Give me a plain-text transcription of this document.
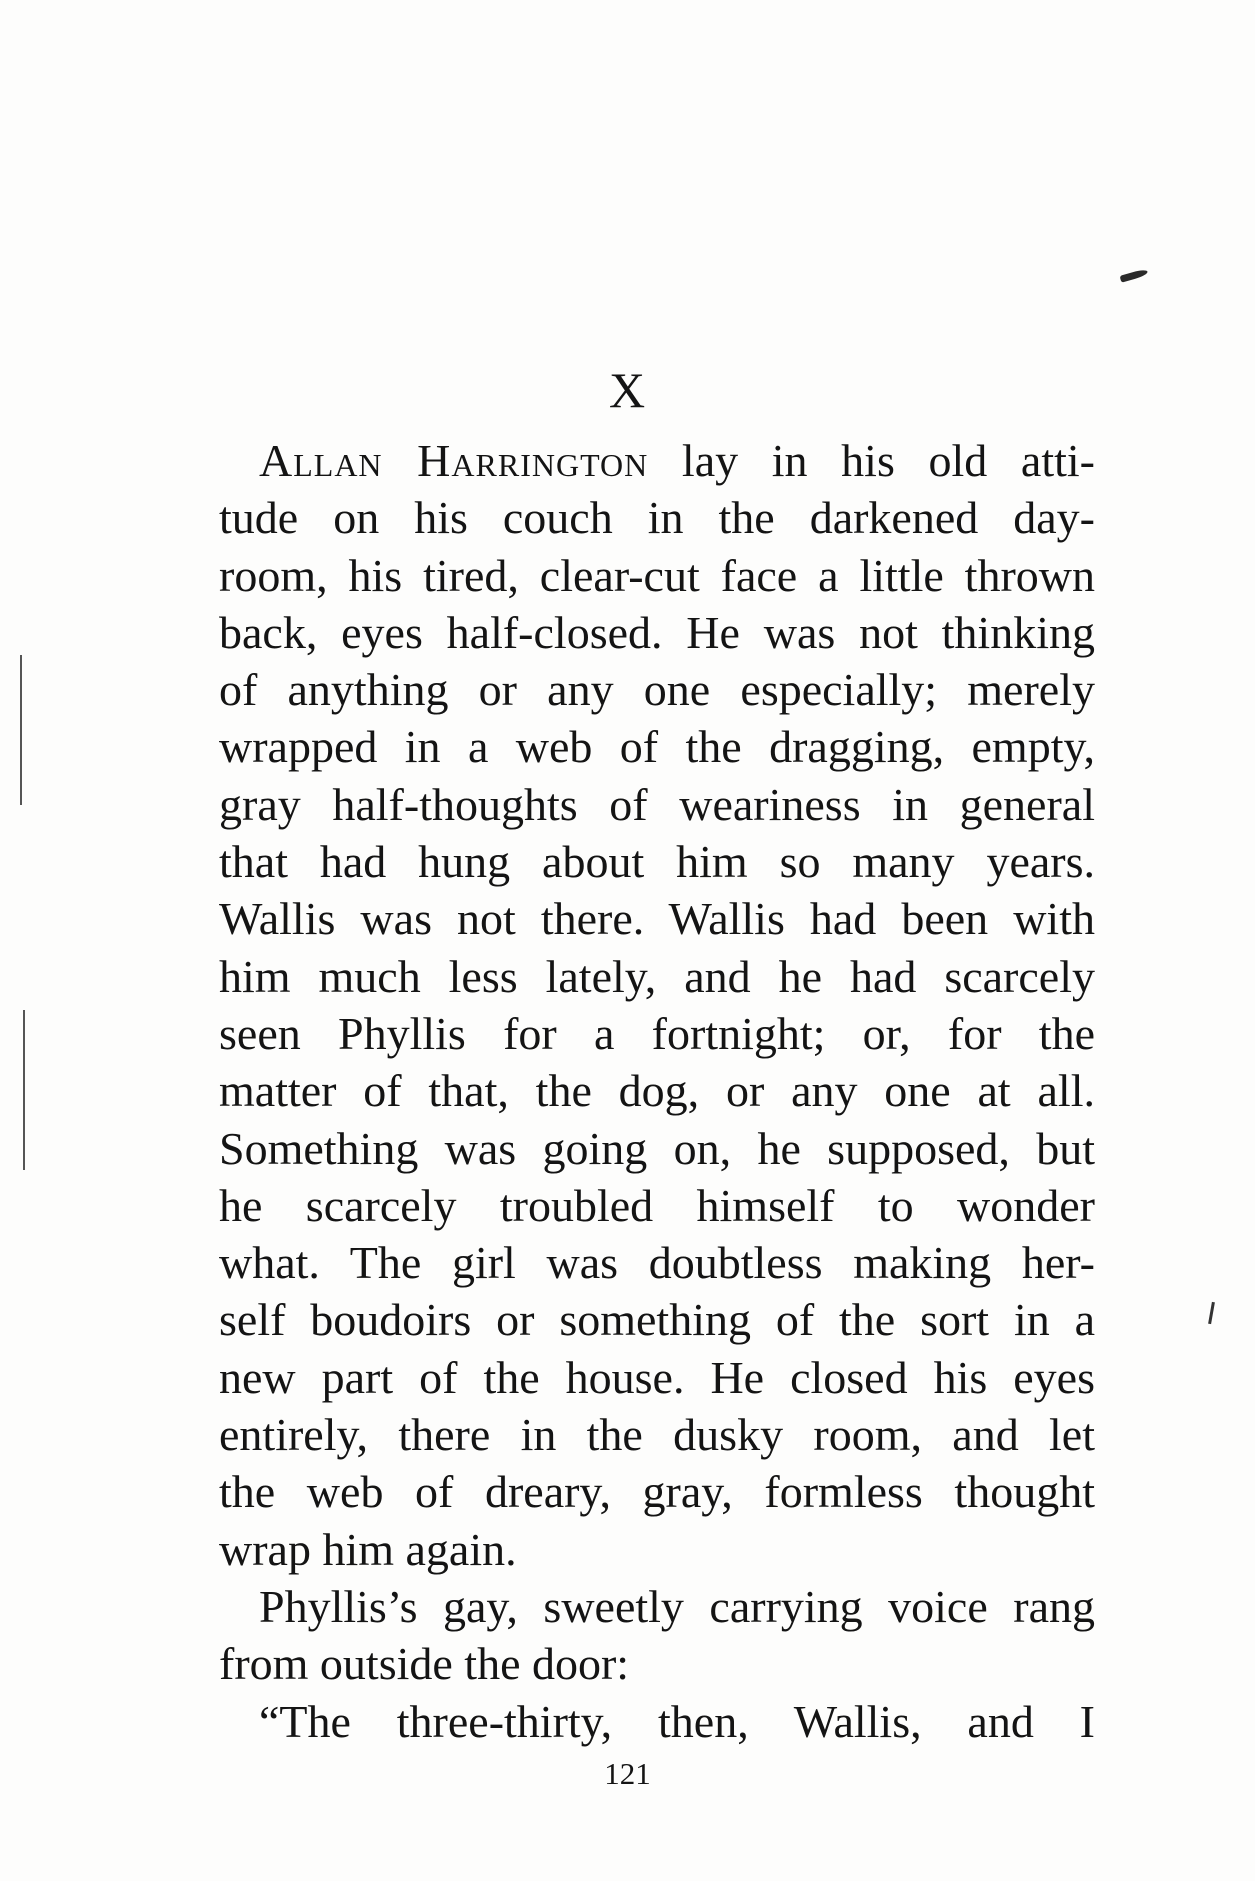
X
Allan Harrington lay in his old atti-
tude on his couch in the darkened day-
room, his tired, clear-cut face a little thrown
back, eyes half-closed. He was not thinking
of anything or any one especially; merely
wrapped in a web of the dragging, empty,
gray half-thoughts of weariness in general
that had hung about him so many years.
Wallis was not there. Wallis had been with
him much less lately, and he had scarcely
seen Phyllis for a fortnight; or, for the
matter of that, the dog, or any one at all.
Something was going on, he supposed, but
he scarcely troubled himself to wonder
what. The girl was doubtless making her-
self boudoirs or something of the sort in a
new part of the house. He closed his eyes
entirely, there in the dusky room, and let
the web of dreary, gray, formless thought
wrap him again.
Phyllis’s gay, sweetly carrying voice rang
from outside the door:
“The three-thirty, then, Wallis, and I
121
